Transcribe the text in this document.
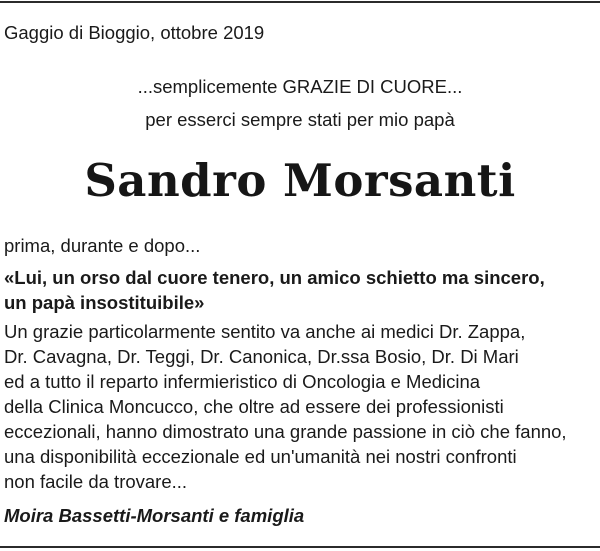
Gaggio di Bioggio, ottobre 2019
...semplicemente GRAZIE DI CUORE...
per esserci sempre stati per mio papà
Sandro Morsanti
prima, durante e dopo...
«Lui, un orso dal cuore tenero, un amico schietto ma sincero,
un papà insostituibile»
Un grazie particolarmente sentito va anche ai medici Dr. Zappa,
Dr. Cavagna, Dr. Teggi, Dr. Canonica, Dr.ssa Bosio, Dr. Di Mari
ed a tutto il reparto infermieristico di Oncologia e Medicina
della Clinica Moncucco, che oltre ad essere dei professionisti
eccezionali, hanno dimostrato una grande passione in ciò che fanno,
una disponibilità eccezionale ed un'umanità nei nostri confronti
non facile da trovare...
Moira Bassetti-Morsanti e famiglia
